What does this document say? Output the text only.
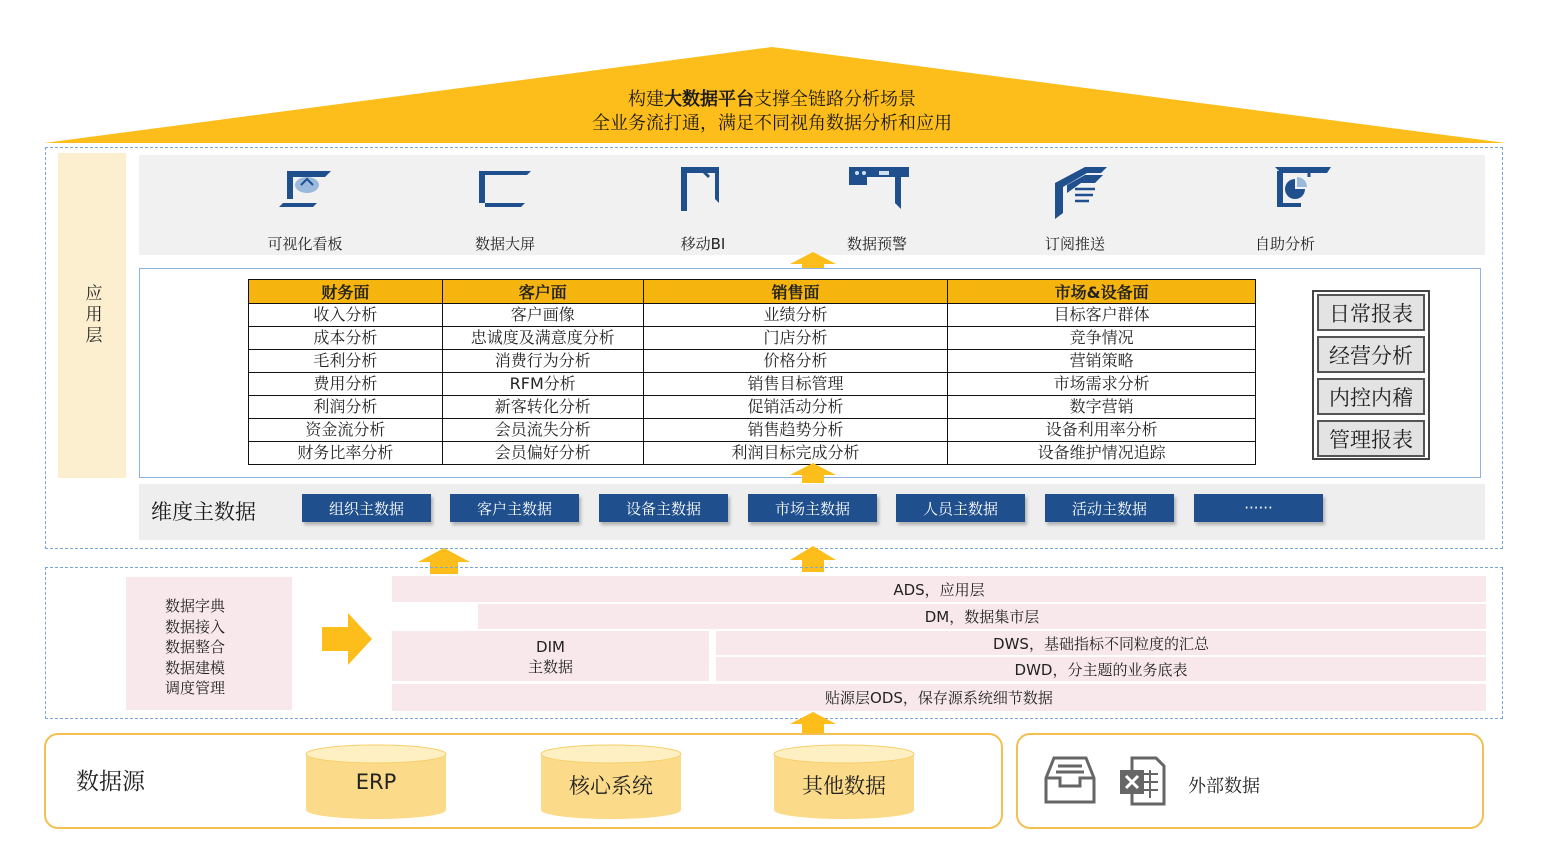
构建大数据平台支撑全链路分析场景
全业务流打通，满足不同视角数据分析和应用
应用层
可视化看板	数据大屏	移动BI	数据预警	订阅推送	自助分析
财务面	客户面	销售面	市场&设备面
收入分析	客户画像	业绩分析	目标客户群体
成本分析	忠诚度及满意度分析	门店分析	竞争情况
毛利分析	消费行为分析	价格分析	营销策略
费用分析	RFM分析	销售目标管理	市场需求分析
利润分析	新客转化分析	促销活动分析	数字营销
资金流分析	会员流失分析	销售趋势分析	设备利用率分析
财务比率分析	会员偏好分析	利润目标完成分析	设备维护情况追踪
日常报表
经营分析
内控内稽
管理报表
维度主数据	组织主数据	客户主数据	设备主数据	市场主数据	人员主数据	活动主数据	······
数据字典
数据接入
数据整合
数据建模
调度管理
ADS，应用层
DM，数据集市层
DIM
主数据
DWS，基础指标不同粒度的汇总
DWD，分主题的业务底表
贴源层ODS，保存源系统细节数据
数据源	ERP	核心系统	其他数据	外部数据
